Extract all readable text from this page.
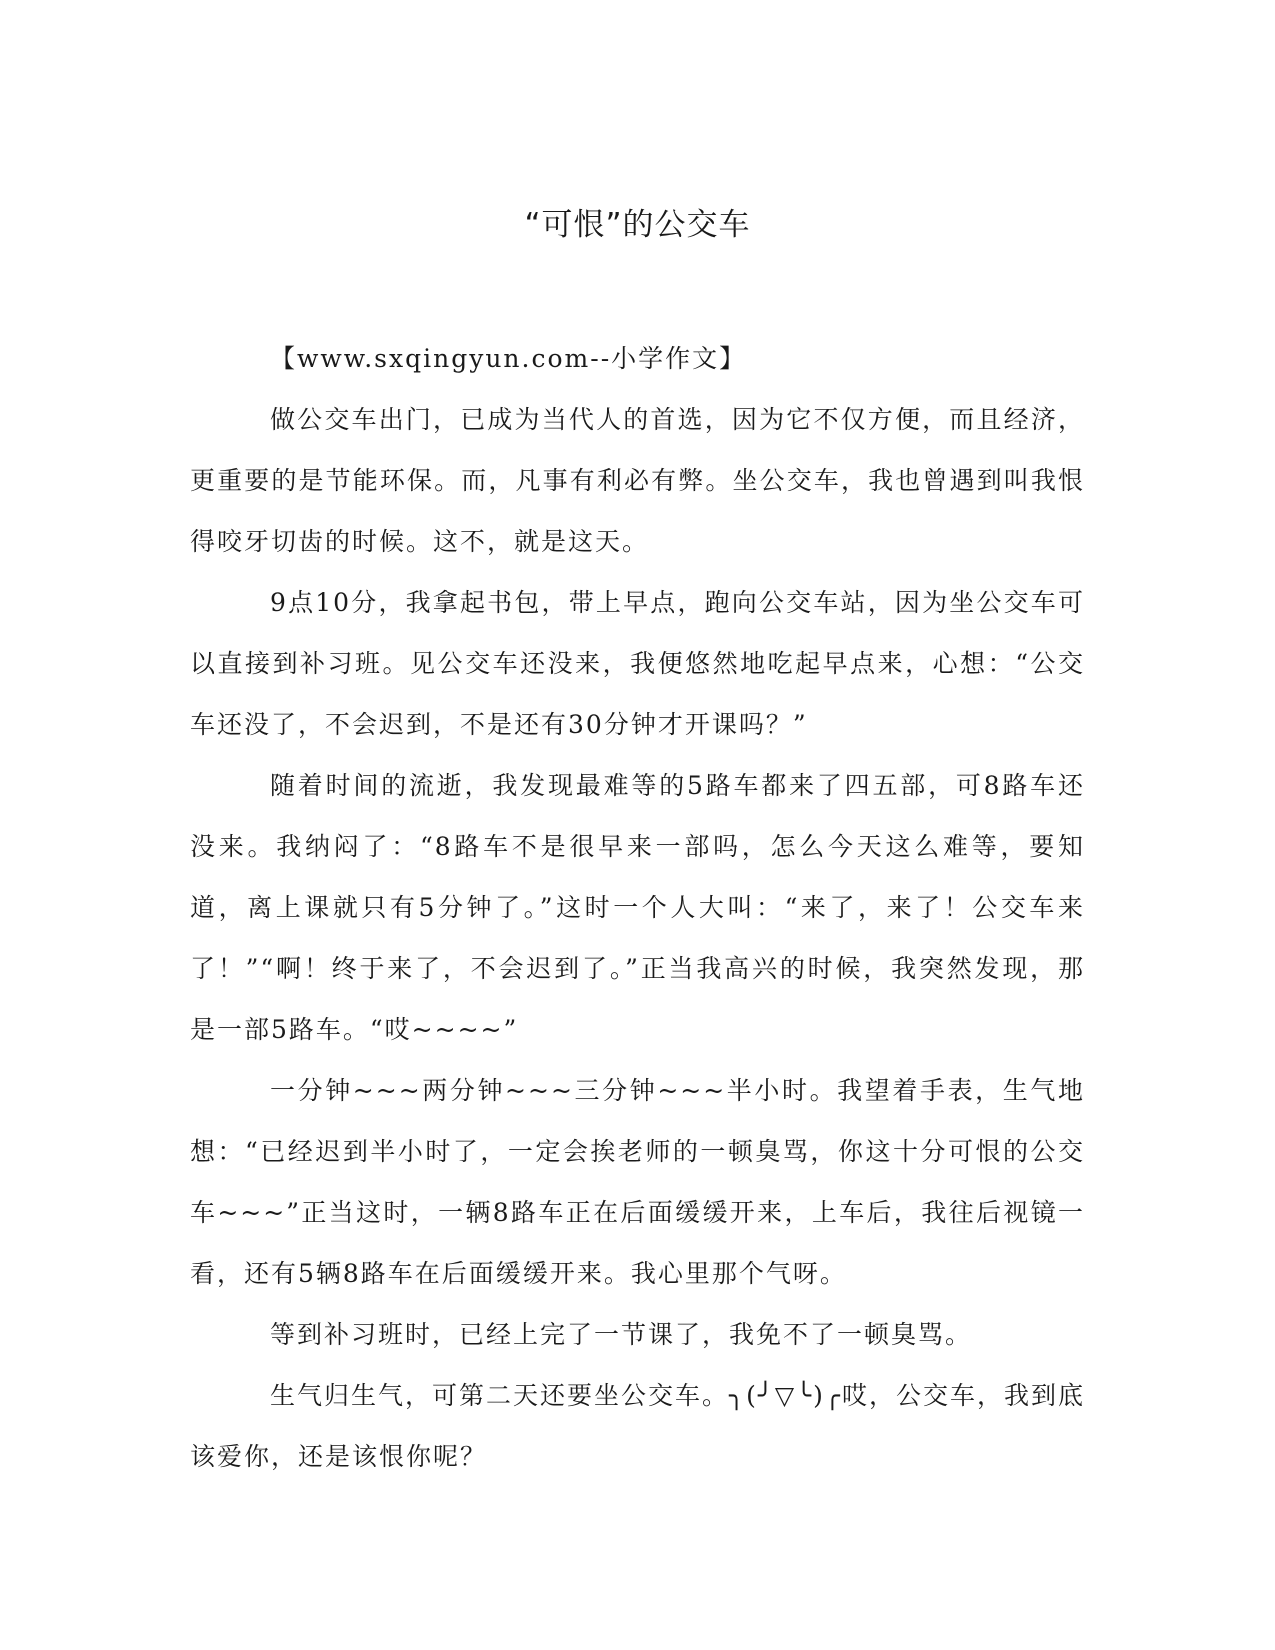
“可恨”的公交车
【www.sxqingyun.com--小学作文】

做公交车出门，已成为当代人的首选，因为它不仅方便，而且经济，更重要的是节能环保。而，凡事有利必有弊。坐公交车，我也曾遇到叫我恨得咬牙切齿的时候。这不，就是这天。

9点10分，我拿起书包，带上早点，跑向公交车站，因为坐公交车可以直接到补习班。见公交车还没来，我便悠然地吃起早点来，心想：“公交车还没了，不会迟到，不是还有30分钟才开课吗？”

随着时间的流逝，我发现最难等的5路车都来了四五部，可8路车还没来。我纳闷了：“8路车不是很早来一部吗，怎么今天这么难等，要知道，离上课就只有5分钟了。”这时一个人大叫：“来了，来了！公交车来了！”“啊！终于来了，不会迟到了。”正当我高兴的时候，我突然发现，那是一部5路车。“哎~~~~”

一分钟~~~两分钟~~~三分钟~~~半小时。我望着手表，生气地想：“已经迟到半小时了，一定会挨老师的一顿臭骂，你这十分可恨的公交车~~~”正当这时，一辆8路车正在后面缓缓开来，上车后，我往后视镜一看，还有5辆8路车在后面缓缓开来。我心里那个气呀。

等到补习班时，已经上完了一节课了，我免不了一顿臭骂。

生气归生气，可第二天还要坐公交车。╮(╯▽╰)╭哎，公交车，我到底该爱你，还是该恨你呢？
